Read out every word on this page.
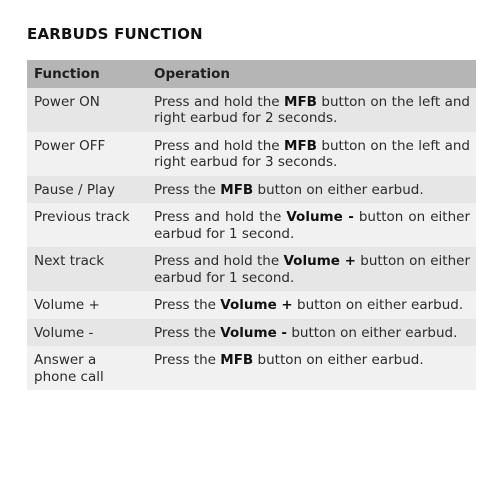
EARBUDS FUNCTION
Function	Operation
Power ON	Press and hold the MFB button on the left and right earbud for 2 seconds.
Power OFF	Press and hold the MFB button on the left and right earbud for 3 seconds.
Pause / Play	Press the MFB button on either earbud.
Previous track	Press and hold the Volume - button on either earbud for 1 second.
Next track	Press and hold the Volume + button on either earbud for 1 second.
Volume +	Press the Volume + button on either earbud.
Volume -	Press the Volume - button on either earbud.
Answer a phone call	Press the MFB button on either earbud.
